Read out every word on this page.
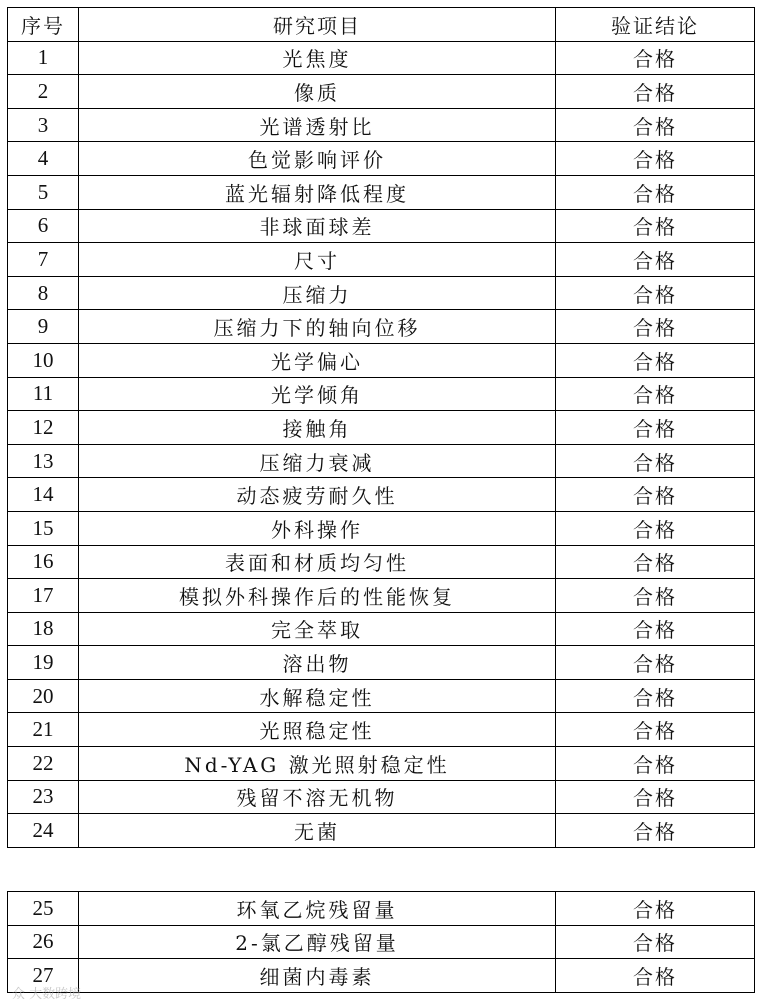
序号	研究项目	验证结论
1	光焦度	合格
2	像质	合格
3	光谱透射比	合格
4	色觉影响评价	合格
5	蓝光辐射降低程度	合格
6	非球面球差	合格
7	尺寸	合格
8	压缩力	合格
9	压缩力下的轴向位移	合格
10	光学偏心	合格
11	光学倾角	合格
12	接触角	合格
13	压缩力衰减	合格
14	动态疲劳耐久性	合格
15	外科操作	合格
16	表面和材质均匀性	合格
17	模拟外科操作后的性能恢复	合格
18	完全萃取	合格
19	溶出物	合格
20	水解稳定性	合格
21	光照稳定性	合格
22	Nd-YAG 激光照射稳定性	合格
23	残留不溶无机物	合格
24	无菌	合格
25	环氧乙烷残留量	合格
26	2-氯乙醇残留量	合格
27	细菌内毒素	合格
众 大数跨境
